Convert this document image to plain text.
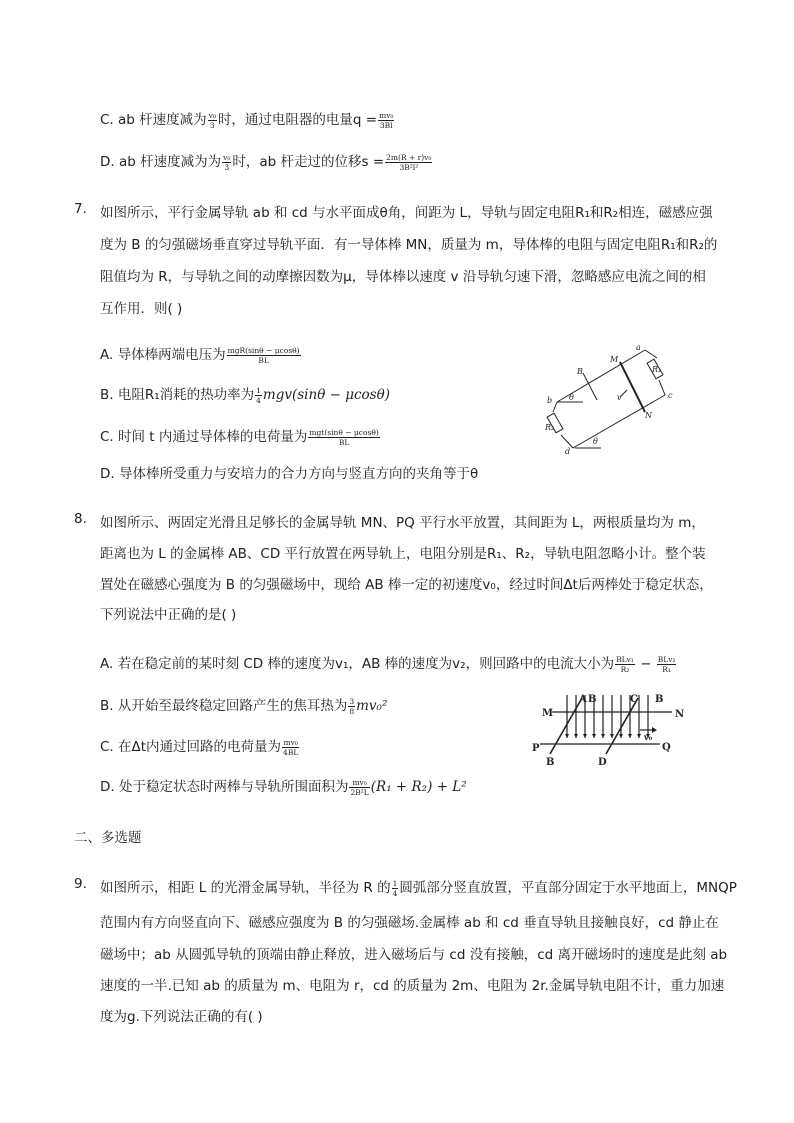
C. ab 杆速度减为 $\frac{\text{v₀}}{3}$ 时，通过电阻器的电量$q = \frac{\text{mv₀}}{3Bl}$
D. ab 杆速度减为为 $\frac{\text{v₀}}{3}$ 时，ab 杆走过的位移$s = \frac{\text{2m(R + r)v₀}}{\text{3B²l²}}$
7. 如图所示，平行金属导轨 ab 和 cd 与水平面成θ角，间距为 L，导轨与固定电阻R₁和R₂相连，磁感应强
度为 B 的匀强磁场垂直穿过导轨平面．有一导体棒 MN，质量为 m，导体棒的电阻与固定电阻R₁和R₂的
阻值均为 R，与导轨之间的动摩擦因数为μ，导体棒以速度 v 沿导轨匀速下滑，忽略感应电流之间的相
互作用．则( )
A. 导体棒两端电压为 $\frac{\text{mgR(sinθ − μcosθ)}}{BL}$
B. 电阻R₁消耗的热功率为 $\frac{1}{4} mgv(\sin\theta - \mu\cos\theta)$
C. 时间 t 内通过导体棒的电荷量为 $\frac{\text{mgt(sinθ − μcosθ)}}{BL}$
D. 导体棒所受重力与安培力的合力方向与竖直方向的夹角等于θ
a
b
c
d
M
N
B
v
θ
θ
R₁
R₂
8. 如图所示、两固定光滑且足够长的金属导轨 MN、PQ 平行水平放置，其间距为 L，两根质量均为 m，
距离也为 L 的金属棒 AB、CD 平行放置在两导轨上，电阻分别是R₁、R₂，导轨电阻忽略小计。整个装
置处在磁感心强度为 B 的匀强磁场中，现给 AB 棒一定的初速度v₀，经过时间Δt后两棒处于稳定状态，
下列说法中正确的是( )
A. 若在稳定前的某时刻 CD 棒的速度为v₁，AB 棒的速度为v₂，则回路中的电流大小为 $\frac{\text{BLv₁}}{\text{R₂}} - \frac{\text{BLv₂}}{\text{R₁}}$
B. 从开始至最终稳定回路产生的焦耳热为 $\frac{3}{8} mv_0^2$
C. 在Δt内通过回路的电荷量为 $\frac{\text{mv₀}}{4BL}$
D. 处于稳定状态时两棒与导轨所围面积为 $\frac{\text{mv₀}}{\text{2B²L}} (R_1 + R_2) + L^2$
M	N
P	Q
A
B
C B
B
D
v₀
二、多选题
9. 如图所示，相距 L 的光滑金属导轨，半径为 R 的 $\frac{1}{4}$ 圆弧部分竖直放置，平直部分固定于水平地面上，MNQP
范围内有方向竖直向下、磁感应强度为 B 的匀强磁场.金属棒 ab 和 cd 垂直导轨且接触良好，cd 静止在
磁场中；ab 从圆弧导轨的顶端由静止释放，进入磁场后与 cd 没有接触，cd 离开磁场时的速度是此刻 ab
速度的一半.已知 ab 的质量为 m、电阻为 r，cd 的质量为 2m、电阻为 2r.金属导轨电阻不计，重力加速
度为g.下列说法正确的有( )
